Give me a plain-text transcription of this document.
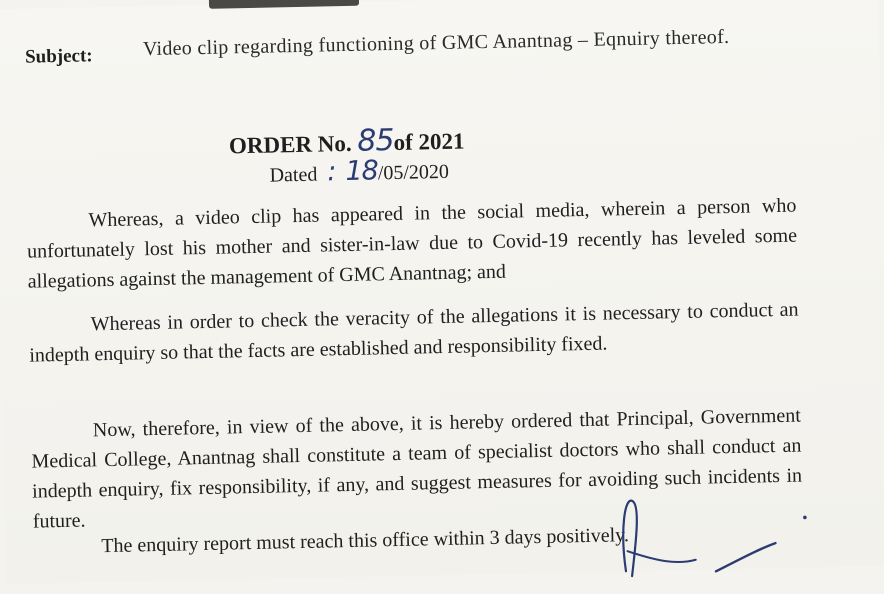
Subject: Video clip regarding functioning of GMC Anantnag – Eqnuiry thereof.
ORDER No. 85of 2021
Dated : 18/05/2020
Whereas, a video clip has appeared in the social media, wherein a person who unfortunately lost his mother and sister-in-law due to Covid-19 recently has leveled some allegations against the management of GMC Anantnag; and
Whereas in order to check the veracity of the allegations it is necessary to conduct an indepth enquiry so that the facts are established and responsibility fixed.
Now, therefore, in view of the above, it is hereby ordered that Principal, Government Medical College, Anantnag shall constitute a team of specialist doctors who shall conduct an indepth enquiry, fix responsibility, if any, and suggest measures for avoiding such incidents in future.
The enquiry report must reach this office within 3 days positively.
